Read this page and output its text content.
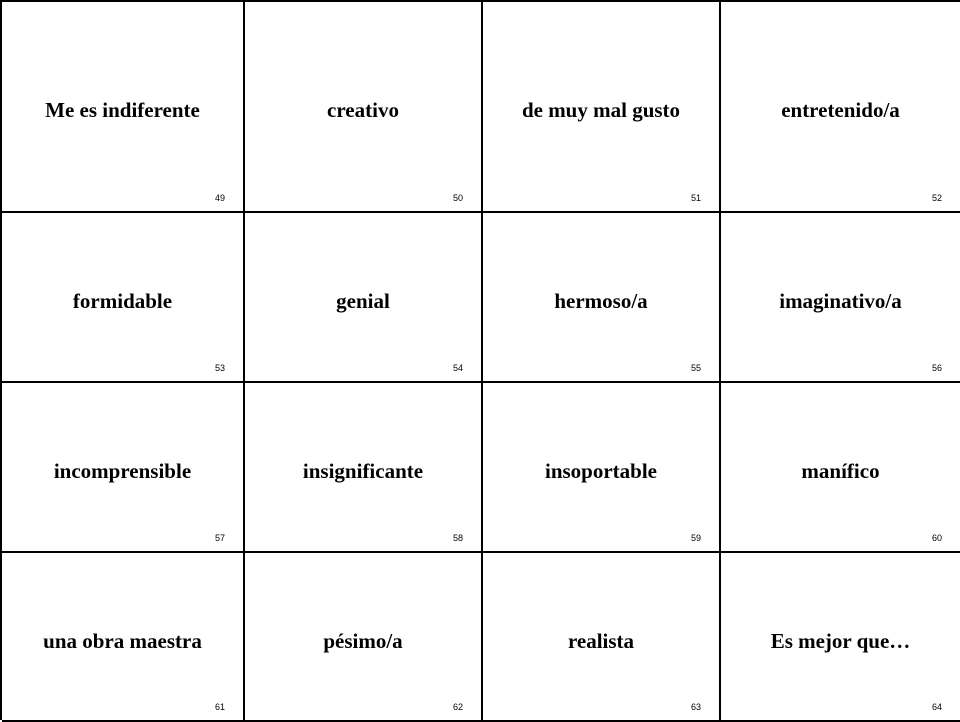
Me es indiferente
49
creativo
50
de muy mal gusto
51
entretenido/a
52
formidable
53
genial
54
hermoso/a
55
imaginativo/a
56
incomprensible
57
insignificante
58
insoportable
59
manífico
60
una obra maestra
61
pésimo/a
62
realista
63
Es mejor que…
64
